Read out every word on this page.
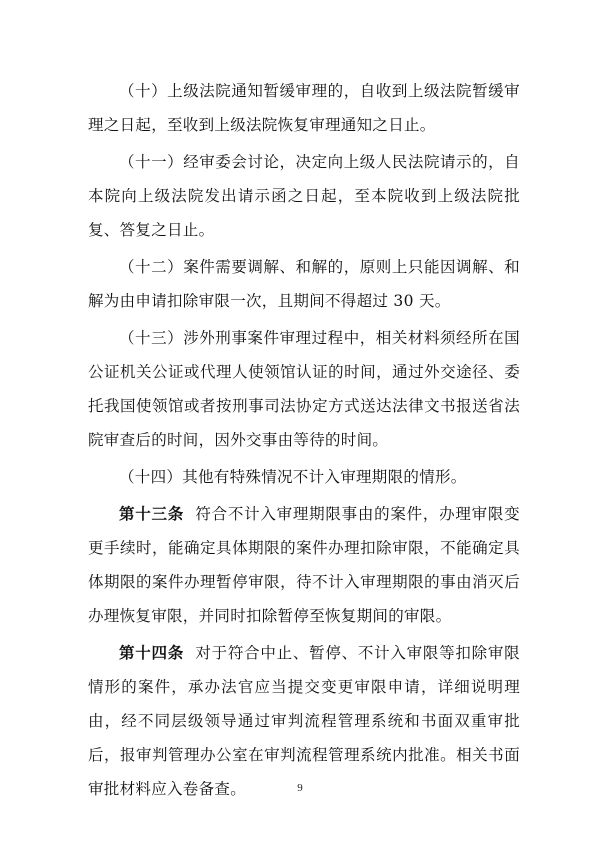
（十）上级法院通知暂缓审理的，自收到上级法院暂缓审理之日起，至收到上级法院恢复审理通知之日止。

（十一）经审委会讨论，决定向上级人民法院请示的，自本院向上级法院发出请示函之日起，至本院收到上级法院批复、答复之日止。

（十二）案件需要调解、和解的，原则上只能因调解、和解为由申请扣除审限一次，且期间不得超过 30 天。

（十三）涉外刑事案件审理过程中，相关材料须经所在国公证机关公证或代理人使领馆认证的时间，通过外交途径、委托我国使领馆或者按刑事司法协定方式送达法律文书报送省法院审查后的时间，因外交事由等待的时间。

（十四）其他有特殊情况不计入审理期限的情形。

第十三条 符合不计入审理期限事由的案件，办理审限变更手续时，能确定具体期限的案件办理扣除审限，不能确定具体期限的案件办理暂停审限，待不计入审理期限的事由消灭后办理恢复审限，并同时扣除暂停至恢复期间的审限。

第十四条 对于符合中止、暂停、不计入审限等扣除审限情形的案件，承办法官应当提交变更审限申请，详细说明理由，经不同层级领导通过审判流程管理系统和书面双重审批后，报审判管理办公室在审判流程管理系统内批准。相关书面审批材料应入卷备查。	9
